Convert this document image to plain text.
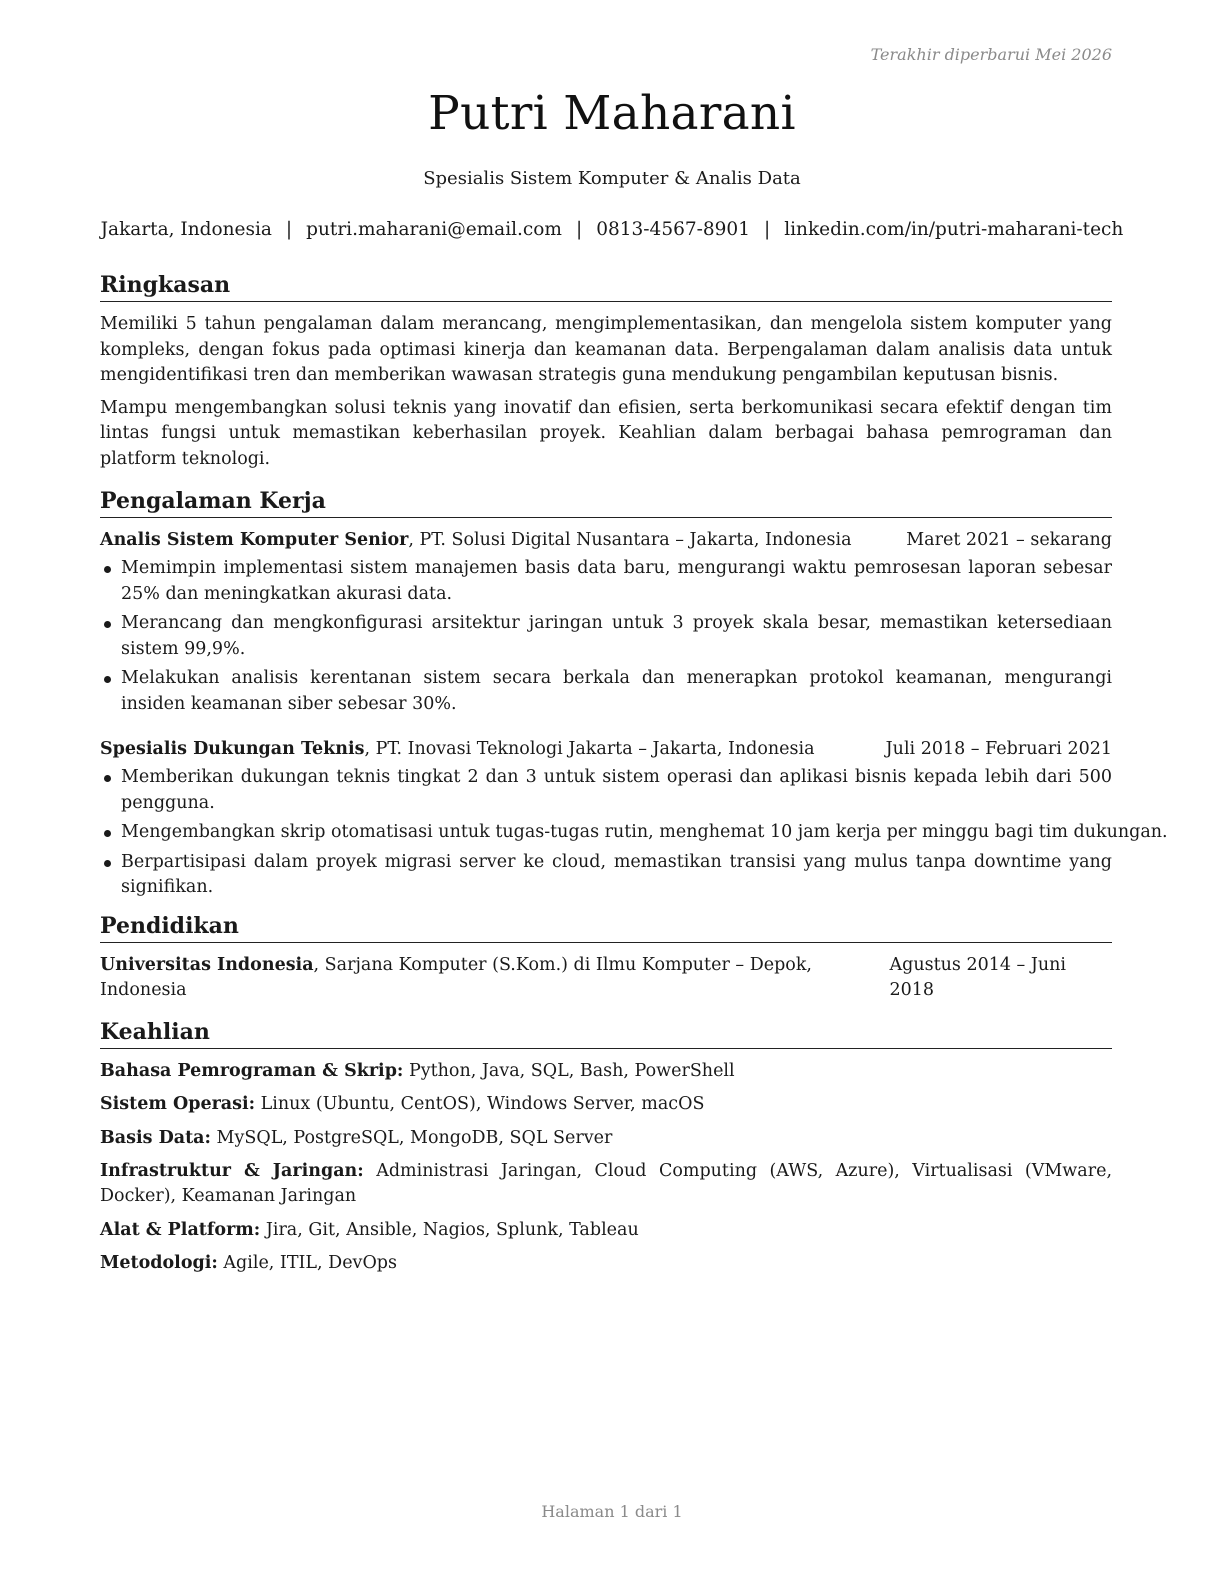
Terakhir diperbarui Mei 2026
Putri Maharani
Spesialis Sistem Komputer & Analis Data
Jakarta, Indonesia | putri.maharani@email.com | 0813-4567-8901 | linkedin.com/in/putri-maharani-tech
Ringkasan

Memiliki 5 tahun pengalaman dalam merancang, mengimplementasikan, dan mengelola sistem komputer yang kompleks, dengan fokus pada optimasi kinerja dan keamanan data. Berpengalaman dalam analisis data untuk mengidentifikasi tren dan memberikan wawasan strategis guna mendukung pengambilan keputusan bisnis.

Mampu mengembangkan solusi teknis yang inovatif dan efisien, serta berkomunikasi secara efektif dengan tim lintas fungsi untuk memastikan keberhasilan proyek. Keahlian dalam berbagai bahasa pemrograman dan platform teknologi.

Pengalaman Kerja
Analis Sistem Komputer Senior, PT. Solusi Digital Nusantara – Jakarta, Indonesia	Maret 2021 – sekarang
Memimpin implementasi sistem manajemen basis data baru, mengurangi waktu pemrosesan laporan sebesar 25% dan meningkatkan akurasi data.
Merancang dan mengkonfigurasi arsitektur jaringan untuk 3 proyek skala besar, memastikan ketersediaan sistem 99,9%.
Melakukan analisis kerentanan sistem secara berkala dan menerapkan protokol keamanan, mengurangi insiden keamanan siber sebesar 30%.
Spesialis Dukungan Teknis, PT. Inovasi Teknologi Jakarta – Jakarta, Indonesia	Juli 2018 – Februari 2021
Memberikan dukungan teknis tingkat 2 dan 3 untuk sistem operasi dan aplikasi bisnis kepada lebih dari 500 pengguna.
Mengembangkan skrip otomatisasi untuk tugas-tugas rutin, menghemat 10 jam kerja per minggu bagi tim dukungan.
Berpartisipasi dalam proyek migrasi server ke cloud, memastikan transisi yang mulus tanpa downtime yang signifikan.
Pendidikan
Universitas Indonesia, Sarjana Komputer (S.Kom.) di Ilmu Komputer – Depok, Indonesia
Agustus 2014 – Juni 2018
Keahlian
Bahasa Pemrograman & Skrip: Python, Java, SQL, Bash, PowerShell
Sistem Operasi: Linux (Ubuntu, CentOS), Windows Server, macOS
Basis Data: MySQL, PostgreSQL, MongoDB, SQL Server
Infrastruktur & Jaringan: Administrasi Jaringan, Cloud Computing (AWS, Azure), Virtualisasi (VMware, Docker), Keamanan Jaringan
Alat & Platform: Jira, Git, Ansible, Nagios, Splunk, Tableau
Metodologi: Agile, ITIL, DevOps
Halaman 1 dari 1
